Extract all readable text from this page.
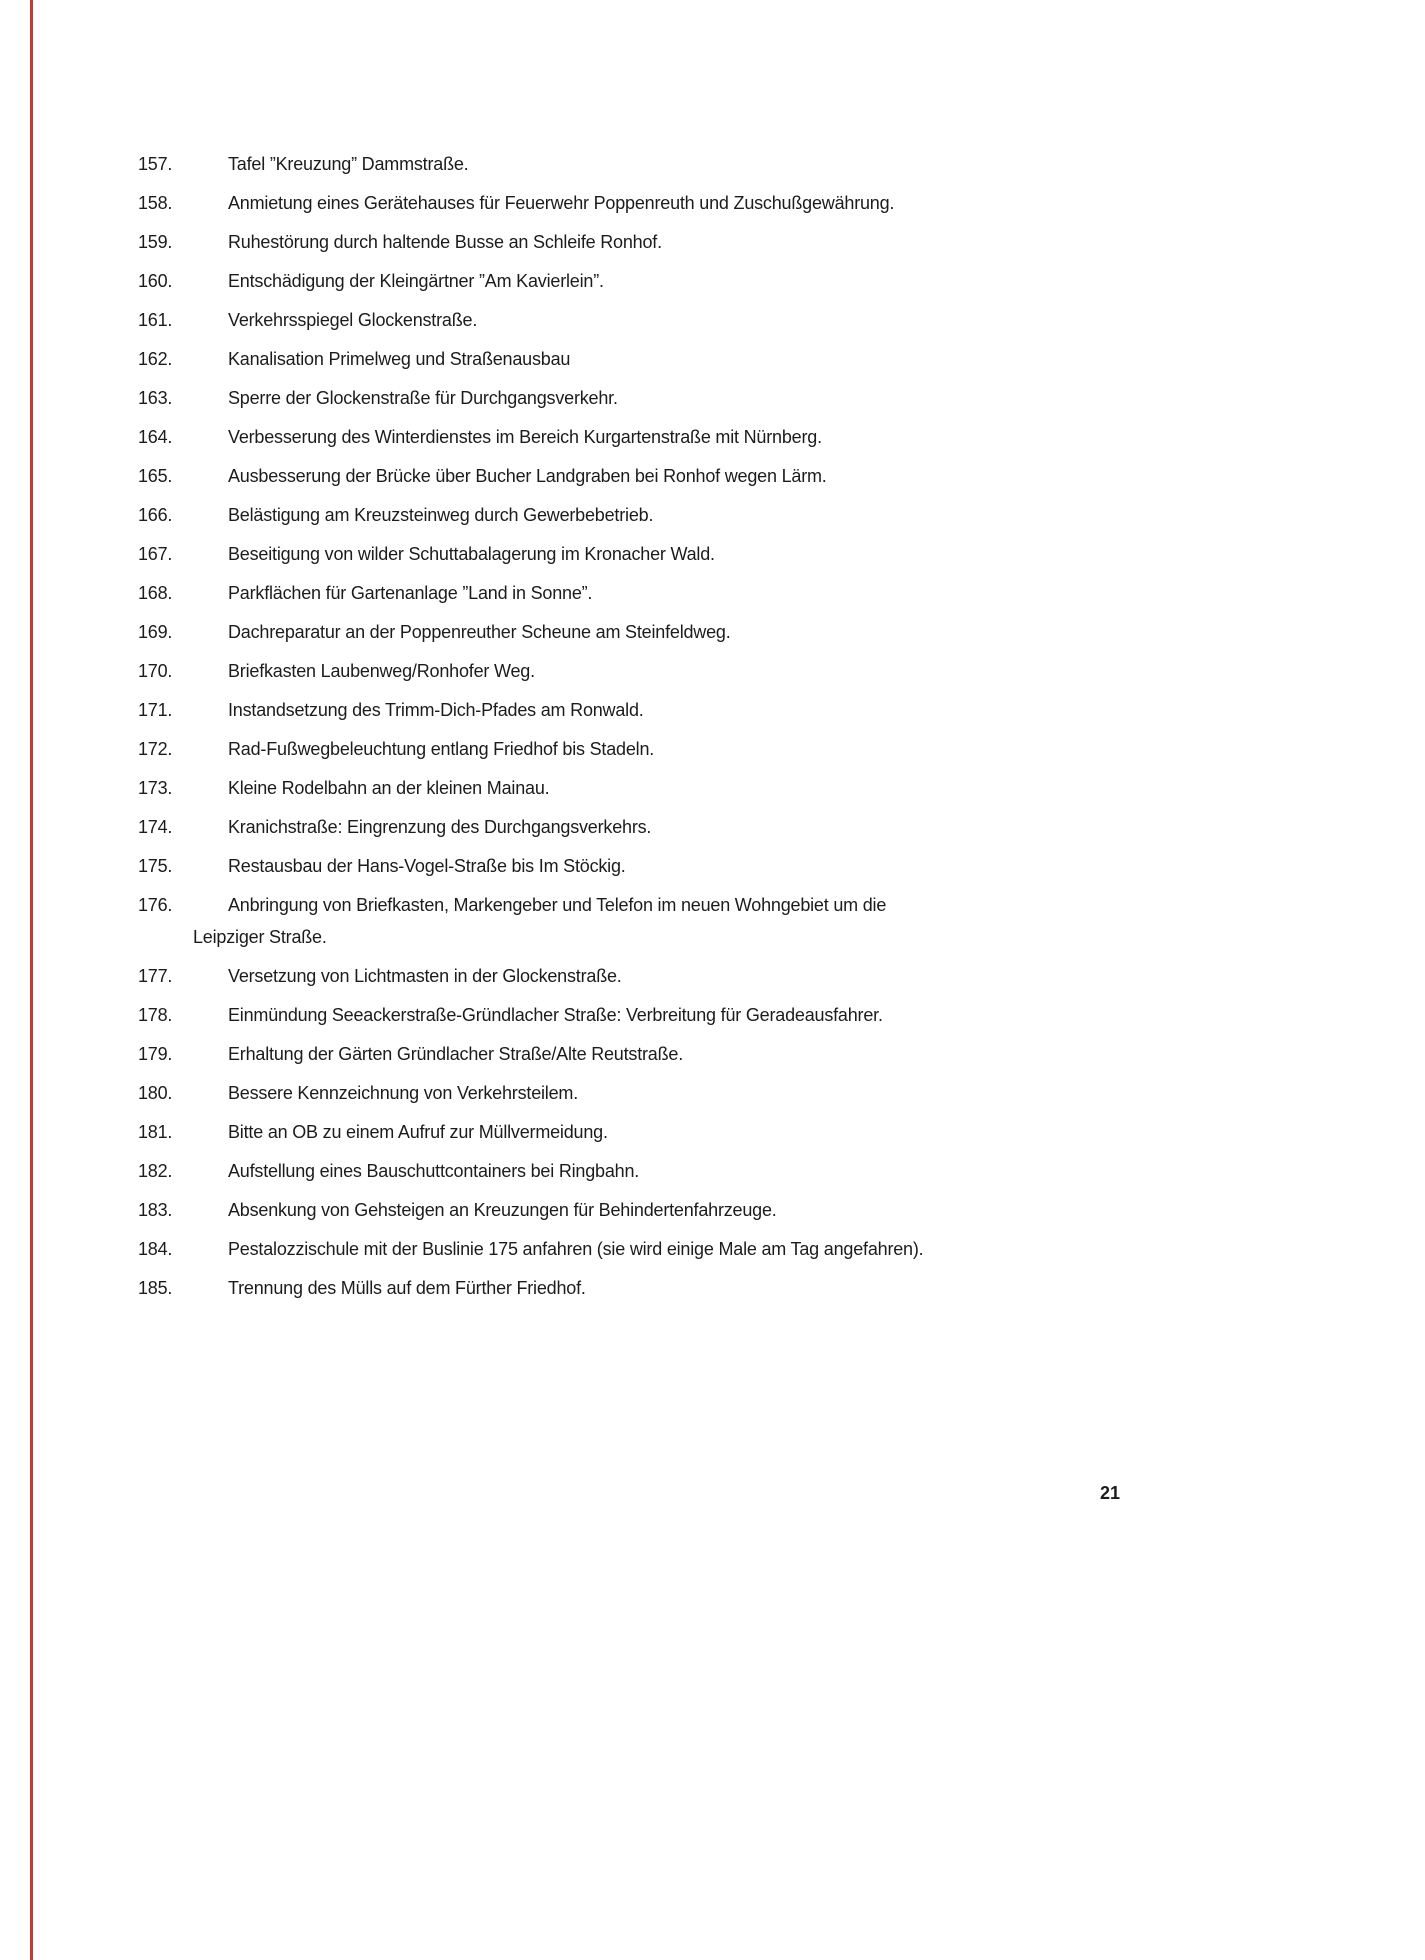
157.	Tafel ”Kreuzung” Dammstraße.
158.	Anmietung eines Gerätehauses für Feuerwehr Poppenreuth und Zuschußgewährung.
159.	Ruhestörung durch haltende Busse an Schleife Ronhof.
160.	Entschädigung der Kleingärtner ”Am Kavierlein”.
161.	Verkehrsspiegel Glockenstraße.
162.	Kanalisation Primelweg und Straßenausbau
163.	Sperre der Glockenstraße für Durchgangsverkehr.
164.	Verbesserung des Winterdienstes im Bereich Kurgartenstraße mit Nürnberg.
165.	Ausbesserung der Brücke über Bucher Landgraben bei Ronhof wegen Lärm.
166.	Belästigung am Kreuzsteinweg durch Gewerbebetrieb.
167.	Beseitigung von wilder Schuttabalagerung im Kronacher Wald.
168.	Parkflächen für Gartenanlage ”Land in Sonne”.
169.	Dachreparatur an der Poppenreuther Scheune am Steinfeldweg.
170.	Briefkasten Laubenweg/Ronhofer Weg.
171.	Instandsetzung des Trimm-Dich-Pfades am Ronwald.
172.	Rad-Fußwegbeleuchtung entlang Friedhof bis Stadeln.
173.	Kleine Rodelbahn an der kleinen Mainau.
174.	Kranichstraße: Eingrenzung des Durchgangsverkehrs.
175.	Restausbau der Hans-Vogel-Straße bis Im Stöckig.
176.	Anbringung von Briefkasten, Markengeber und Telefon im neuen Wohngebiet um die
Leipziger Straße.
177.	Versetzung von Lichtmasten in der Glockenstraße.
178.	Einmündung Seeackerstraße-Gründlacher Straße: Verbreitung für Geradeausfahrer.
179.	Erhaltung der Gärten Gründlacher Straße/Alte Reutstraße.
180.	Bessere Kennzeichnung von Verkehrsteilem.
181.	Bitte an OB zu einem Aufruf zur Müllvermeidung.
182.	Aufstellung eines Bauschuttcontainers bei Ringbahn.
183.	Absenkung von Gehsteigen an Kreuzungen für Behindertenfahrzeuge.
184.	Pestalozzischule mit der Buslinie 175 anfahren (sie wird einige Male am Tag angefahren).
185.	Trennung des Mülls auf dem Fürther Friedhof.
21
